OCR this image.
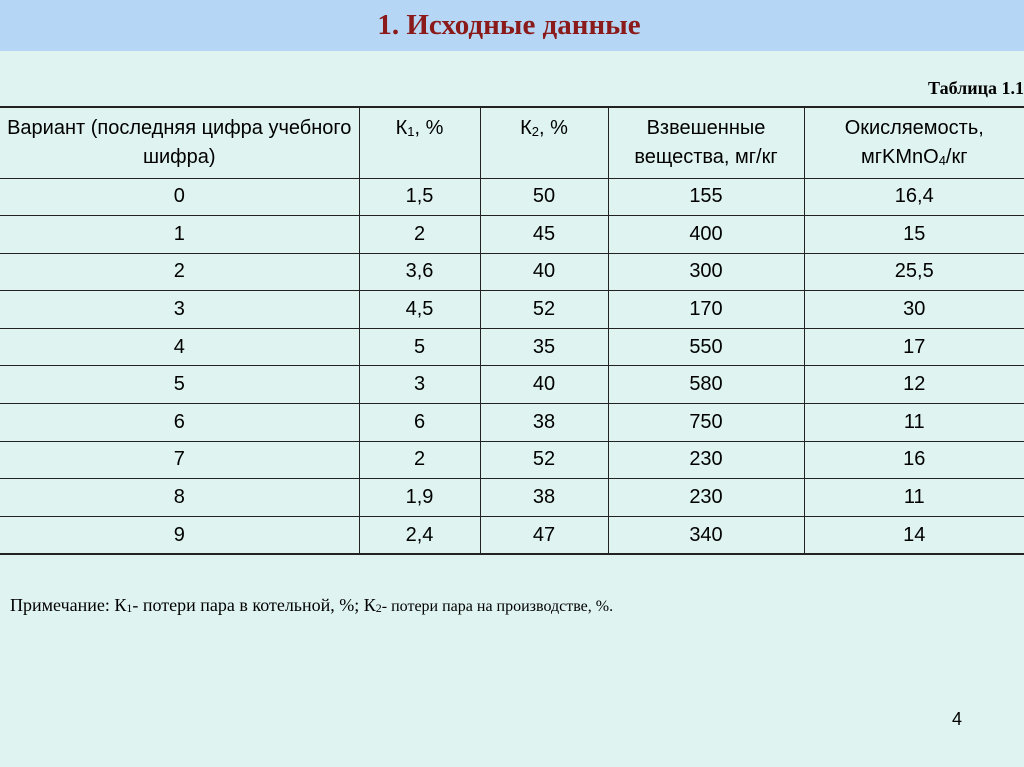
1. Исходные данные
Таблица 1.1
Вариант (последняя цифра учебного шифра)	К1, %	К2, %	Взвешенные вещества, мг/кг	Окисляемость,
мгKMnO4/кг
0	1,5	50	155	16,4
1	2	45	400	15
2	3,6	40	300	25,5
3	4,5	52	170	30
4	5	35	550	17
5	3	40	580	12
6	6	38	750	11
7	2	52	230	16
8	1,9	38	230	11
9	2,4	47	340	14
Примечание: К1- потери пара в котельной, %; К2- потери пара на производстве, %.
4
